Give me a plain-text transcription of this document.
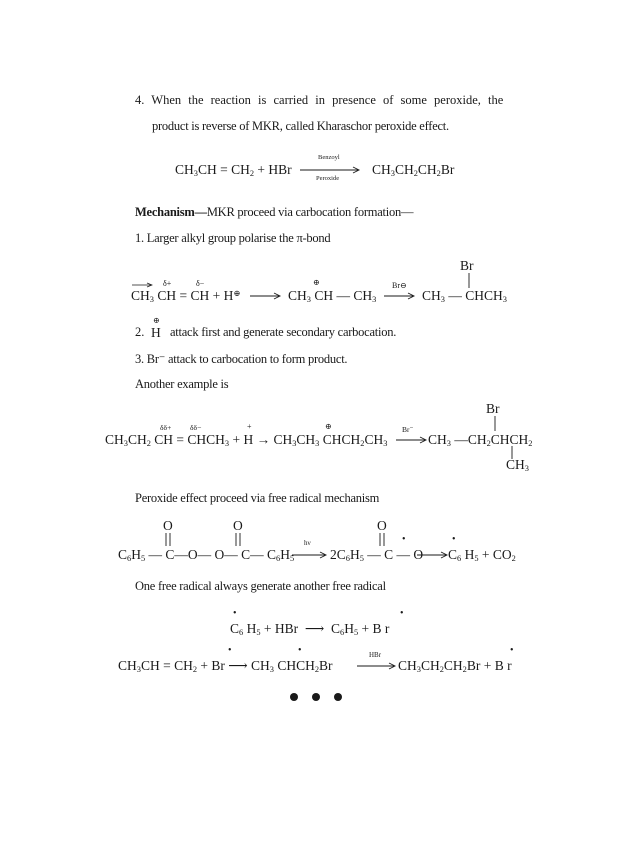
4. When the reaction is carried in presence of some peroxide, the
product is reverse of MKR, called Kharaschor peroxide effect.
$CH_3CH = CH_2$ + HBr
Benzoyl
Peroxide
$CH_3CH_2CH_2Br$
Mechanism—MKR proceed via carbocation formation—
1. Larger alkyl group polarise the π-bond
δ+	δ−
$CH_3$ CH = CH + H⊕
⊕
$CH_3$ CH — $CH_3$
Br⊖
Br
$CH_3$ — $CHCH_3$
2.
⊕
H attack first and generate secondary carbocation.
3. Br⁻ attack to carbocation to form product.
Another example is
δδ+ δδ−	+	⊕
$CH_3CH_2$ CH = $CHCH_3 + H \to CH_3CH_3$ $CHCH_2CH_3$
Br⁻
Br
$CH_3$ $—CH_2CHCH_2$
$CH_3$
Peroxide effect proceed via free radical mechanism
O	O	O
$C_6H_5$ — C—O— O— C— $C_6H_5$
hν
$2C_6H_5$ — C — O
•	•
$C_6$ $H_5 + CO_2$
One free radical always generate another free radical
•
$C_6$ $H_5$ + HBr  ⟶  $C_6H_5 + B$ r
•
$CH_3CH = CH_2 + Br$ ⟶ $CH_3$ $CHCH_2Br$
•	•	HBr
$CH_3CH_2CH_2Br + B$ r
•
